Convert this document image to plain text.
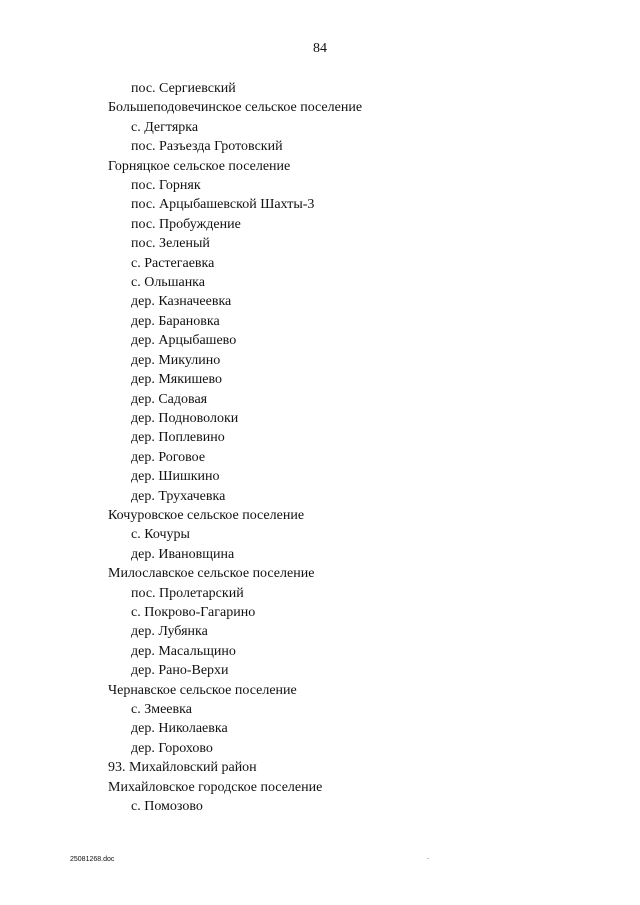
84
пос. Сергиевский
Большеподовечинское сельское поселение
с. Дегтярка
пос. Разъезда Гротовский
Горняцкое сельское поселение
пос. Горняк
пос. Арцыбашевской Шахты-3
пос. Пробуждение
пос. Зеленый
с. Растегаевка
с. Ольшанка
дер. Казначеевка
дер. Барановка
дер. Арцыбашево
дер. Микулино
дер. Мякишево
дер. Садовая
дер. Подноволоки
дер. Поплевино
дер. Роговое
дер. Шишкино
дер. Трухачевка
Кочуровское сельское поселение
с. Кочуры
дер. Ивановщина
Милославское сельское поселение
пос. Пролетарский
с. Покрово-Гагарино
дер. Лубянка
дер. Масальщино
дер. Рано-Верхи
Чернавское сельское поселение
с. Змеевка
дер. Николаевка
дер. Горохово
93. Михайловский район
Михайловское городское поселение
с. Помозово
25081268.doc	.
